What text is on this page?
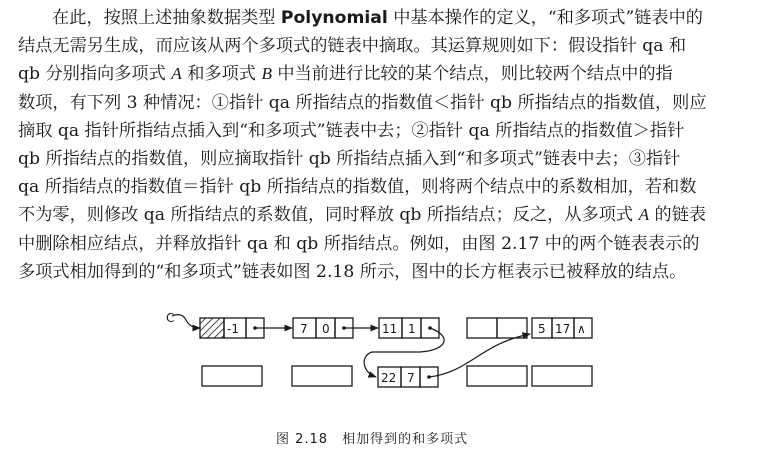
在此，按照上述抽象数据类型 Polynomial 中基本操作的定义，“和多项式”链表中的
结点无需另生成，而应该从两个多项式的链表中摘取。其运算规则如下：假设指针 qa 和
qb 分别指向多项式 A 和多项式 B 中当前进行比较的某个结点，则比较两个结点中的指
数项，有下列 3 种情况：①指针 qa 所指结点的指数值＜指针 qb 所指结点的指数值，则应
摘取 qa 指针所指结点插入到“和多项式”链表中去；②指针 qa 所指结点的指数值＞指针
qb 所指结点的指数值，则应摘取指针 qb 所指结点插入到“和多项式”链表中去；③指针
qa 所指结点的指数值＝指针 qb 所指结点的指数值，则将两个结点中的系数相加，若和数
不为零，则修改 qa 所指结点的系数值，同时释放 qb 所指结点；反之，从多项式 A 的链表
中删除相应结点，并释放指针 qa 和 qb 所指结点。例如，由图 2.17 中的两个链表表示的
多项式相加得到的“和多项式”链表如图 2.18 所示，图中的长方框表示已被释放的结点。
C
-1	7 0	11 1
22 7
5 17 ∧
图 2.18 相加得到的和多项式
